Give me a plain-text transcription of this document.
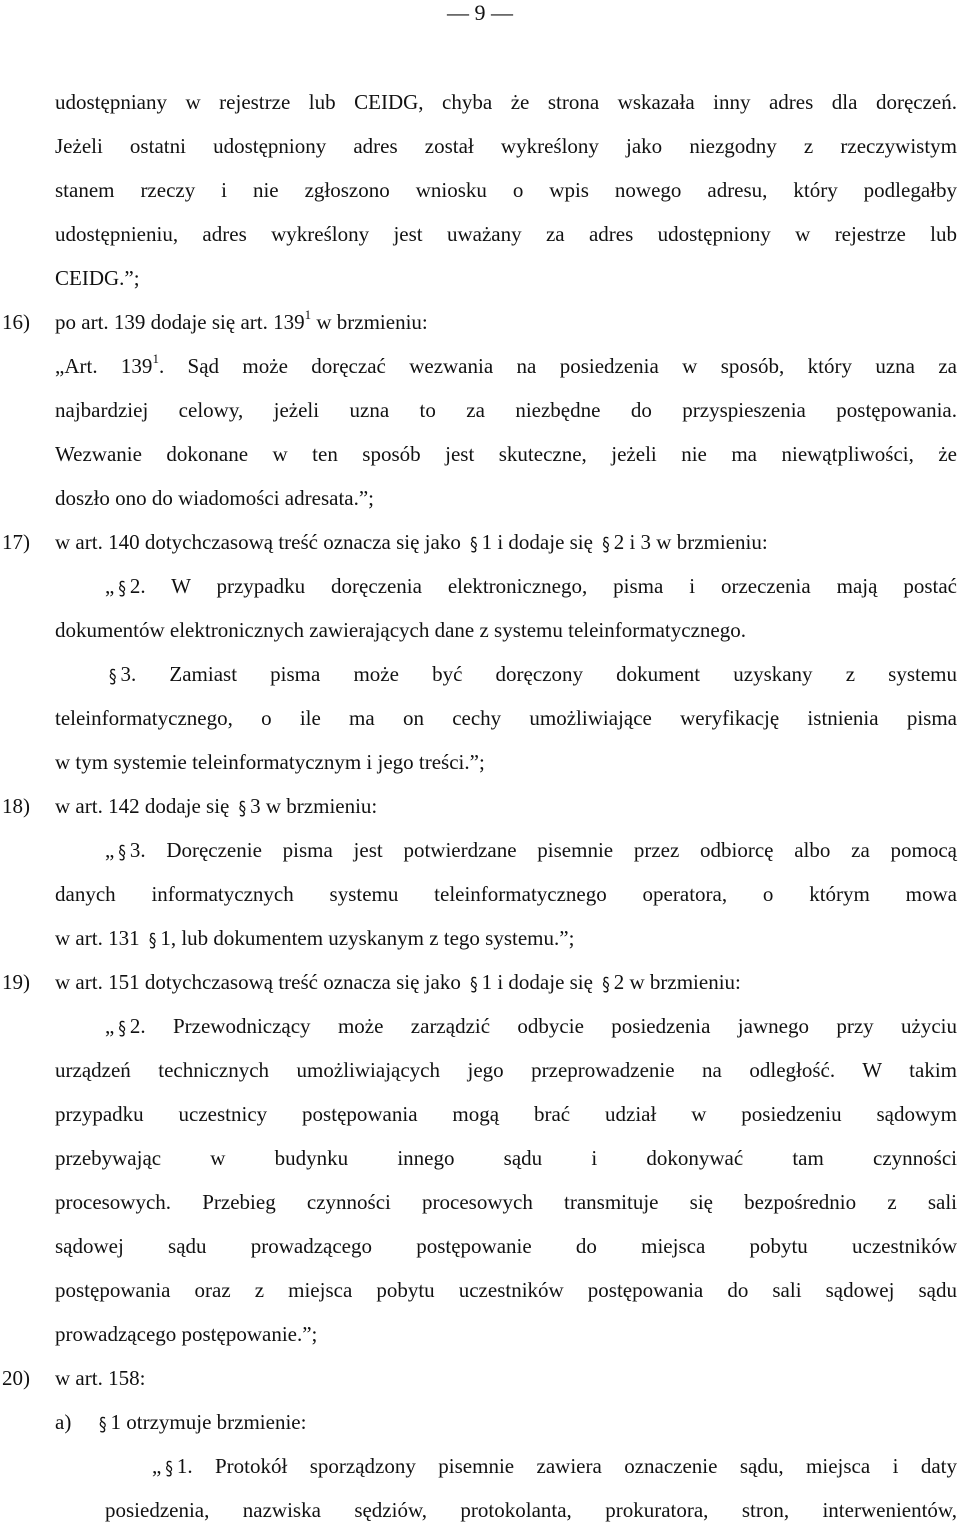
— 9 —
udostępniany w rejestrze lub CEIDG, chyba że strona wskazała inny adres dla doręczeń.
Jeżeli ostatni udostępniony adres został wykreślony jako niezgodny z rzeczywistym
stanem rzeczy i nie zgłoszono wniosku o wpis nowego adresu, który podlegałby
udostępnieniu, adres wykreślony jest uważany za adres udostępniony w rejestrze lub
CEIDG.”;
16) po art. 139 dodaje się art. $139^1$ w brzmieniu:
„Art. $139^1$. Sąd może doręczać wezwania na posiedzenia w sposób, który uzna za
najbardziej celowy, jeżeli uzna to za niezbędne do przyspieszenia postępowania.
Wezwanie dokonane w ten sposób jest skuteczne, jeżeli nie ma niewątpliwości, że
doszło ono do wiadomości adresata.”;
17) w art. 140 dotychczasową treść oznacza się jako § 1 i dodaje się § 2 i 3 w brzmieniu:
„ § 2. W przypadku doręczenia elektronicznego, pisma i orzeczenia mają postać
dokumentów elektronicznych zawierających dane z systemu teleinformatycznego.
§ 3. Zamiast pisma może być doręczony dokument uzyskany z systemu
teleinformatycznego, o ile ma on cechy umożliwiające weryfikację istnienia pisma
w tym systemie teleinformatycznym i jego treści.”;
18) w art. 142 dodaje się § 3 w brzmieniu:
„ § 3. Doręczenie pisma jest potwierdzane pisemnie przez odbiorcę albo za pomocą
danych informatycznych systemu teleinformatycznego operatora, o którym mowa
w art. 131 § 1, lub dokumentem uzyskanym z tego systemu.”;
19) w art. 151 dotychczasową treść oznacza się jako § 1 i dodaje się § 2 w brzmieniu:
„ § 2. Przewodniczący może zarządzić odbycie posiedzenia jawnego przy użyciu
urządzeń technicznych umożliwiających jego przeprowadzenie na odległość. W takim
przypadku uczestnicy postępowania mogą brać udział w posiedzeniu sądowym
przebywając w budynku innego sądu i dokonywać tam czynności
procesowych. Przebieg czynności procesowych transmituje się bezpośrednio z sali
sądowej sądu prowadzącego postępowanie do miejsca pobytu uczestników
postępowania oraz z miejsca pobytu uczestników postępowania do sali sądowej sądu
prowadzącego postępowanie.”;
20) w art. 158:
a) § 1 otrzymuje brzmienie:
„ § 1. Protokół sporządzony pisemnie zawiera oznaczenie sądu, miejsca i daty
posiedzenia, nazwiska sędziów, protokolanta, prokuratora, stron, interwenientów,
